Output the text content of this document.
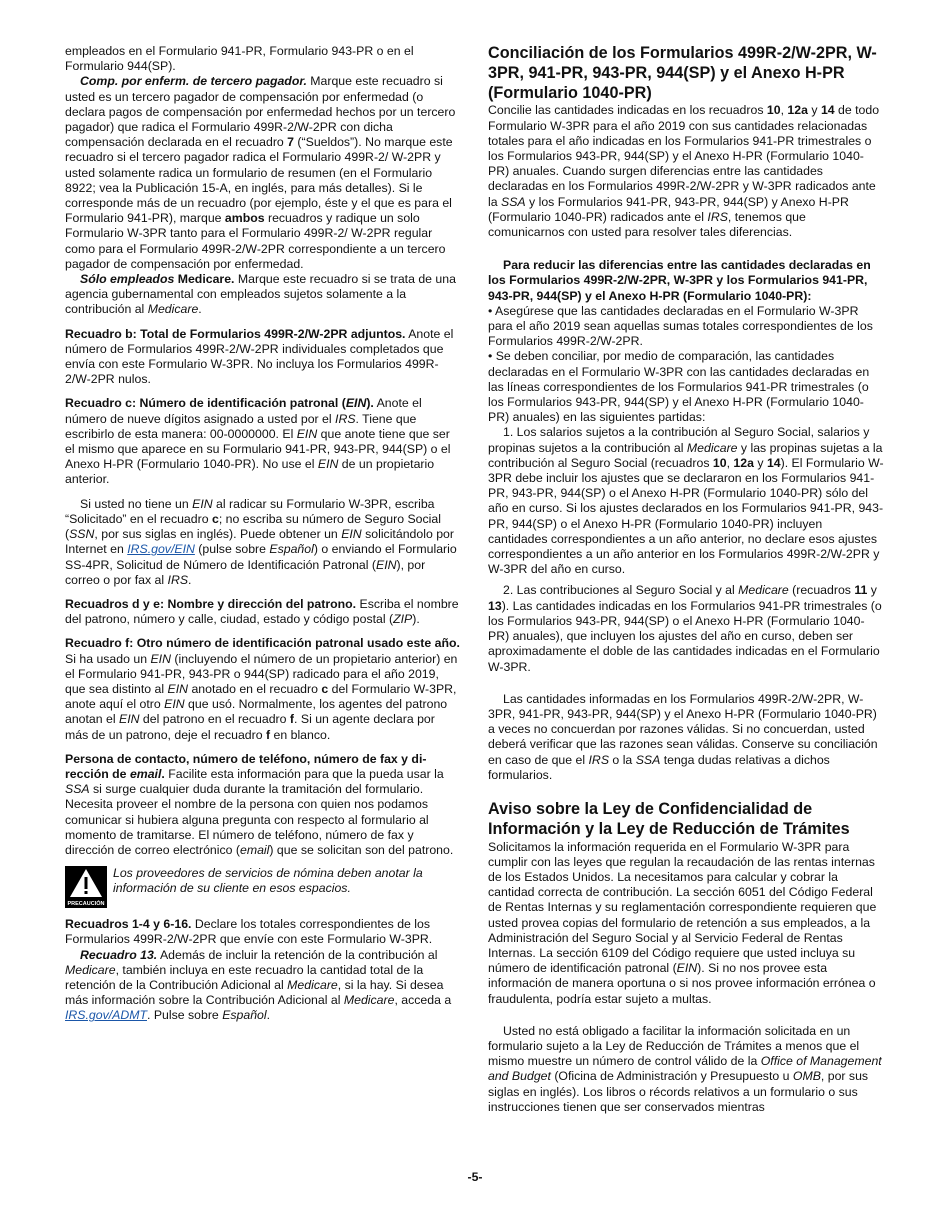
empleados en el Formulario 941-PR, Formulario 943-PR o en el Formulario 944(SP).

Comp. por enferm. de tercero pagador. Marque este recuadro si usted es un tercero pagador de compensación por enfermedad (o declara pagos de compensación por enfermedad hechos por un tercero pagador) que radica el Formulario 499R-2/W-2PR con dicha compensación declarada en el recuadro 7 (“Sueldos”). No marque este recuadro si el tercero pagador radica el Formulario 499R-2/ W-2PR y usted solamente radica un formulario de resumen (en el Formulario 8922; vea la Publicación 15-A, en inglés, para más detalles). Si le corresponde más de un recuadro (por ejemplo, éste y el que es para el Formulario 941-PR), marque ambos recuadros y radique un solo Formulario W-3PR tanto para el Formulario 499R-2/ W-2PR regular como para el Formulario 499R-2/W-2PR correspondiente a un tercero pagador de compensación por enfermedad.

Sólo empleados Medicare. Marque este recuadro si se trata de una agencia gubernamental con empleados sujetos solamente a la contribución al Medicare.

Recuadro b: Total de Formularios 499R-2/W-2PR adjuntos. Anote el número de Formularios 499R-2/W-2PR individuales completados que envía con este Formulario W-3PR. No incluya los Formularios 499R-2/W-2PR nulos.

Recuadro c: Número de identificación patronal (EIN). Anote el número de nueve dígitos asignado a usted por el IRS. Tiene que escribirlo de esta manera: 00-0000000. El EIN que anote tiene que ser el mismo que aparece en su Formulario 941-PR, 943-PR, 944(SP) o el Anexo H-PR (Formulario 1040-PR). No use el EIN de un propietario anterior.

Si usted no tiene un EIN al radicar su Formulario W-3PR, escriba “Solicitado” en el recuadro c; no escriba su número de Seguro Social (SSN, por sus siglas en inglés). Puede obtener un EIN solicitándolo por Internet en IRS.gov/EIN (pulse sobre Español) o enviando el Formulario SS-4PR, Solicitud de Número de Identificación Patronal (EIN), por correo o por fax al IRS.

Recuadros d y e: Nombre y dirección del patrono. Escriba el nombre del patrono, número y calle, ciudad, estado y código postal (ZIP).

Recuadro f: Otro número de identificación patronal usado este año. Si ha usado un EIN (incluyendo el número de un propietario anterior) en el Formulario 941-PR, 943-PR o 944(SP) radicado para el año 2019, que sea distinto al EIN anotado en el recuadro c del Formulario W-3PR, anote aquí el otro EIN que usó. Normalmente, los agentes del patrono anotan el EIN del patrono en el recuadro f. Si un agente declara por más de un patrono, deje el recuadro f en blanco.

Persona de contacto, número de teléfono, número de fax y di- rección de email. Facilite esta información para que la pueda usar la SSA si surge cualquier duda durante la tramitación del formulario. Necesita proveer el nombre de la persona con quien nos podamos comunicar si hubiera alguna pregunta con respecto al formulario al momento de tramitarse. El número de teléfono, número de fax y dirección de correo electrónico (email) que se solicitan son del patrono.

PRECAUCIÓN

Los proveedores de servicios de nómina deben anotar la información de su cliente en esos espacios.

Recuadros 1-4 y 6-16. Declare los totales correspondientes de los Formularios 499R-2/W-2PR que envíe con este Formulario W-3PR.

Recuadro 13. Además de incluir la retención de la contribución al Medicare, también incluya en este recuadro la cantidad total de la retención de la Contribución Adicional al Medicare, si la hay. Si desea más información sobre la Contribución Adicional al Medicare, acceda a IRS.gov/ADMT. Pulse sobre Español.

Conciliación de los Formularios 499R-2/W-2PR, W-3PR, 941-PR, 943-PR, 944(SP) y el Anexo H-PR (Formulario 1040-PR)

Concilie las cantidades indicadas en los recuadros 10, 12a y 14 de todo Formulario W-3PR para el año 2019 con sus cantidades relacionadas totales para el año indicadas en los Formularios 941-PR trimestrales o los Formularios 943-PR, 944(SP) y el Anexo H-PR (Formulario 1040-PR) anuales. Cuando surgen diferencias entre las cantidades declaradas en los Formularios 499R-2/W-2PR y W-3PR radicados ante la SSA y los Formularios 941-PR, 943-PR, 944(SP) y Anexo H-PR (Formulario 1040-PR) radicados ante el IRS, tenemos que comunicarnos con usted para resolver tales diferencias.

Para reducir las diferencias entre las cantidades declaradas en los Formularios 499R-2/W-2PR, W-3PR y los Formularios 941-PR, 943-PR, 944(SP) y el Anexo H-PR (Formulario 1040-PR):

• Asegúrese que las cantidades declaradas en el Formulario W-3PR para el año 2019 sean aquellas sumas totales correspondientes de los Formularios 499R-2/W-2PR.

• Se deben conciliar, por medio de comparación, las cantidades declaradas en el Formulario W-3PR con las cantidades declaradas en las líneas correspondientes de los Formularios 941-PR trimestrales (o los Formularios 943-PR, 944(SP) y el Anexo H-PR (Formulario 1040-PR) anuales) en las siguientes partidas:

1. Los salarios sujetos a la contribución al Seguro Social, salarios y propinas sujetos a la contribución al Medicare y las propinas sujetas a la contribución al Seguro Social (recuadros 10, 12a y 14). El Formulario W-3PR debe incluir los ajustes que se declararon en los Formularios 941-PR, 943-PR, 944(SP) o el Anexo H-PR (Formulario 1040-PR) sólo del año en curso. Si los ajustes declarados en los Formularios 941-PR, 943-PR, 944(SP) o el Anexo H-PR (Formulario 1040-PR) incluyen cantidades correspondientes a un año anterior, no declare esos ajustes correspondientes a un año anterior en los Formularios 499R-2/W-2PR y W-3PR del año en curso.

2. Las contribuciones al Seguro Social y al Medicare (recuadros 11 y 13). Las cantidades indicadas en los Formularios 941-PR trimestrales (o los Formularios 943-PR, 944(SP) o el Anexo H-PR (Formulario 1040-PR) anuales), que incluyen los ajustes del año en curso, deben ser aproximadamente el doble de las cantidades indicadas en el Formulario W-3PR.

Las cantidades informadas en los Formularios 499R-2/W-2PR, W-3PR, 941-PR, 943-PR, 944(SP) y el Anexo H-PR (Formulario 1040-PR) a veces no concuerdan por razones válidas. Si no concuerdan, usted deberá verificar que las razones sean válidas. Conserve su conciliación en caso de que el IRS o la SSA tenga dudas relativas a dichos formularios.

Aviso sobre la Ley de Confidencialidad de Información y la Ley de Reducción de Trámites

Solicitamos la información requerida en el Formulario W-3PR para cumplir con las leyes que regulan la recaudación de las rentas internas de los Estados Unidos. La necesitamos para calcular y cobrar la cantidad correcta de contribución. La sección 6051 del Código Federal de Rentas Internas y su reglamentación correspondiente requieren que usted provea copias del formulario de retención a sus empleados, a la Administración del Seguro Social y al Servicio Federal de Rentas Internas. La sección 6109 del Código requiere que usted incluya su número de identificación patronal (EIN). Si no nos provee esta información de manera oportuna o si nos provee información errónea o fraudulenta, podría estar sujeto a multas.

Usted no está obligado a facilitar la información solicitada en un formulario sujeto a la Ley de Reducción de Trámites a menos que el mismo muestre un número de control válido de la Office of Management and Budget (Oficina de Administración y Presupuesto u OMB, por sus siglas en inglés). Los libros o récords relativos a un formulario o sus instrucciones tienen que ser conservados mientras

-5-
